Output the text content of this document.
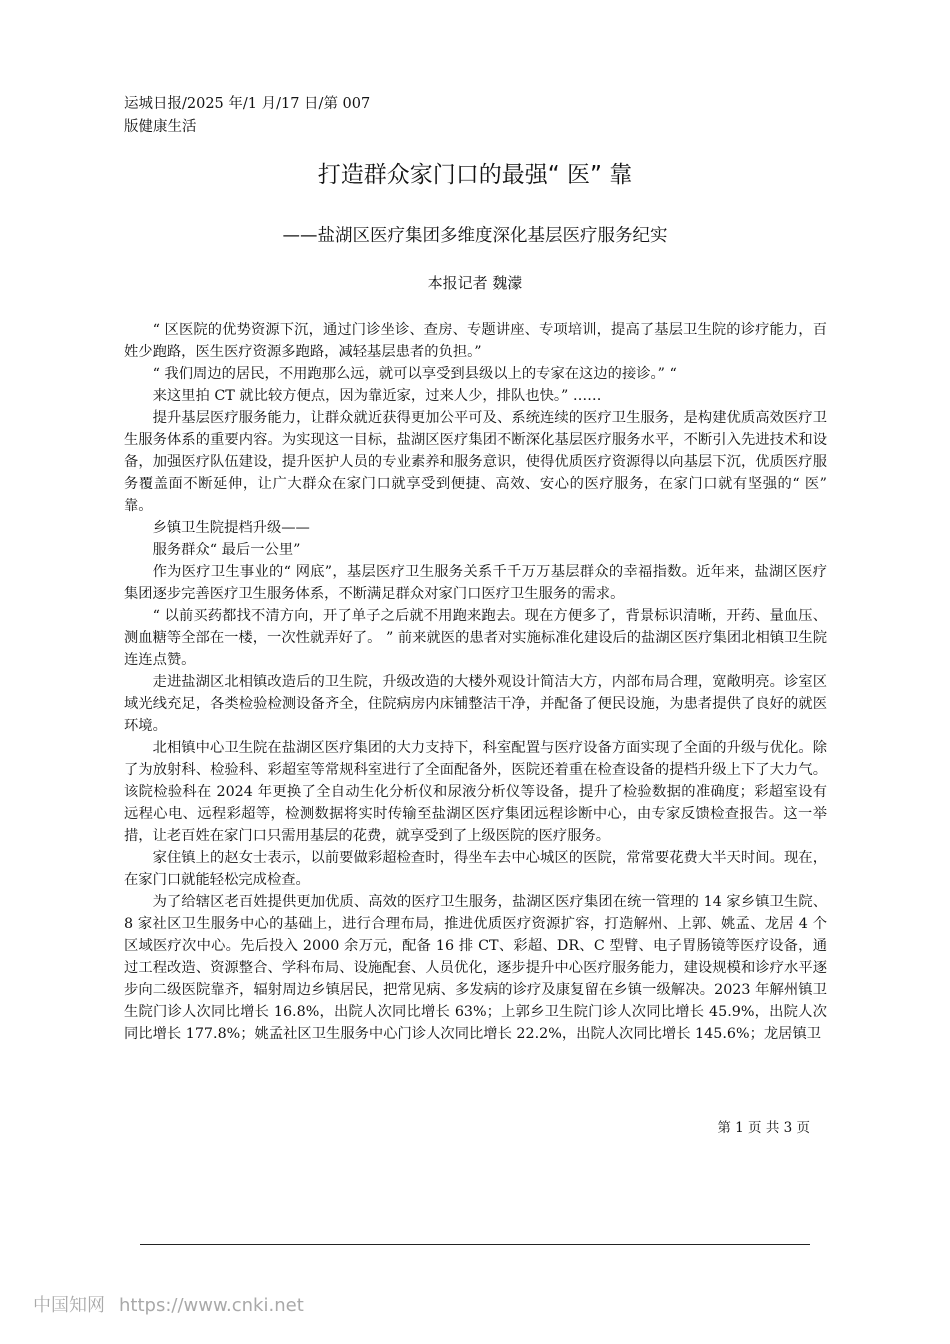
运城日报/2025 年/1 月/17 日/第 007
版健康生活
打造群众家门口的最强“ 医” 靠
——盐湖区医疗集团多维度深化基层医疗服务纪实
本报记者 魏濛

“ 区医院的优势资源下沉，通过门诊坐诊、查房、专题讲座、专项培训，提高了基层卫生院的诊疗能力，百姓少跑路，医生医疗资源多跑路，减轻基层患者的负担。”

“ 我们周边的居民，不用跑那么远，就可以享受到县级以上的专家在这边的接诊。” “

来这里拍 CT 就比较方便点，因为靠近家，过来人少，排队也快。” ……

提升基层医疗服务能力，让群众就近获得更加公平可及、系统连续的医疗卫生服务，是构建优质高效医疗卫生服务体系的重要内容。为实现这一目标，盐湖区医疗集团不断深化基层医疗服务水平，不断引入先进技术和设备，加强医疗队伍建设，提升医护人员的专业素养和服务意识，使得优质医疗资源得以向基层下沉，优质医疗服务覆盖面不断延伸，让广大群众在家门口就享受到便捷、高效、安心的医疗服务，在家门口就有坚强的“ 医” 靠。

乡镇卫生院提档升级——

服务群众“ 最后一公里”

作为医疗卫生事业的“ 网底”，基层医疗卫生服务关系千千万万基层群众的幸福指数。近年来，盐湖区医疗集团逐步完善医疗卫生服务体系，不断满足群众对家门口医疗卫生服务的需求。

“ 以前买药都找不清方向，开了单子之后就不用跑来跑去。现在方便多了，背景标识清晰，开药、量血压、测血糖等全部在一楼，一次性就弄好了。 ” 前来就医的患者对实施标准化建设后的盐湖区医疗集团北相镇卫生院连连点赞。

走进盐湖区北相镇改造后的卫生院，升级改造的大楼外观设计简洁大方，内部布局合理，宽敞明亮。诊室区域光线充足，各类检验检测设备齐全，住院病房内床铺整洁干净，并配备了便民设施，为患者提供了良好的就医环境。

北相镇中心卫生院在盐湖区医疗集团的大力支持下，科室配置与医疗设备方面实现了全面的升级与优化。除了为放射科、检验科、彩超室等常规科室进行了全面配备外，医院还着重在检查设备的提档升级上下了大力气。该院检验科在 2024 年更换了全自动生化分析仪和尿液分析仪等设备，提升了检验数据的准确度；彩超室设有远程心电、远程彩超等，检测数据将实时传输至盐湖区医疗集团远程诊断中心，由专家反馈检查报告。这一举措，让老百姓在家门口只需用基层的花费，就享受到了上级医院的医疗服务。

家住镇上的赵女士表示，以前要做彩超检查时，得坐车去中心城区的医院，常常要花费大半天时间。现在，在家门口就能轻松完成检查。

为了给辖区老百姓提供更加优质、高效的医疗卫生服务，盐湖区医疗集团在统一管理的 14 家乡镇卫生院、8 家社区卫生服务中心的基础上，进行合理布局，推进优质医疗资源扩容，打造解州、上郭、姚孟、龙居 4 个区域医疗次中心。先后投入 2000 余万元，配备 16 排 CT、彩超、DR、C 型臂、电子胃肠镜等医疗设备，通过工程改造、资源整合、学科布局、设施配套、人员优化，逐步提升中心医疗服务能力，建设规模和诊疗水平逐步向二级医院靠齐，辐射周边乡镇居民，把常见病、多发病的诊疗及康复留在乡镇一级解决。2023 年解州镇卫生院门诊人次同比增长 16.8%，出院人次同比增长 63%；上郭乡卫生院门诊人次同比增长 45.9%，出院人次同比增长 177.8%；姚孟社区卫生服务中心门诊人次同比增长 22.2%，出院人次同比增长 145.6%；龙居镇卫

第 1 页 共 3 页
中国知网 https://www.cnki.net
